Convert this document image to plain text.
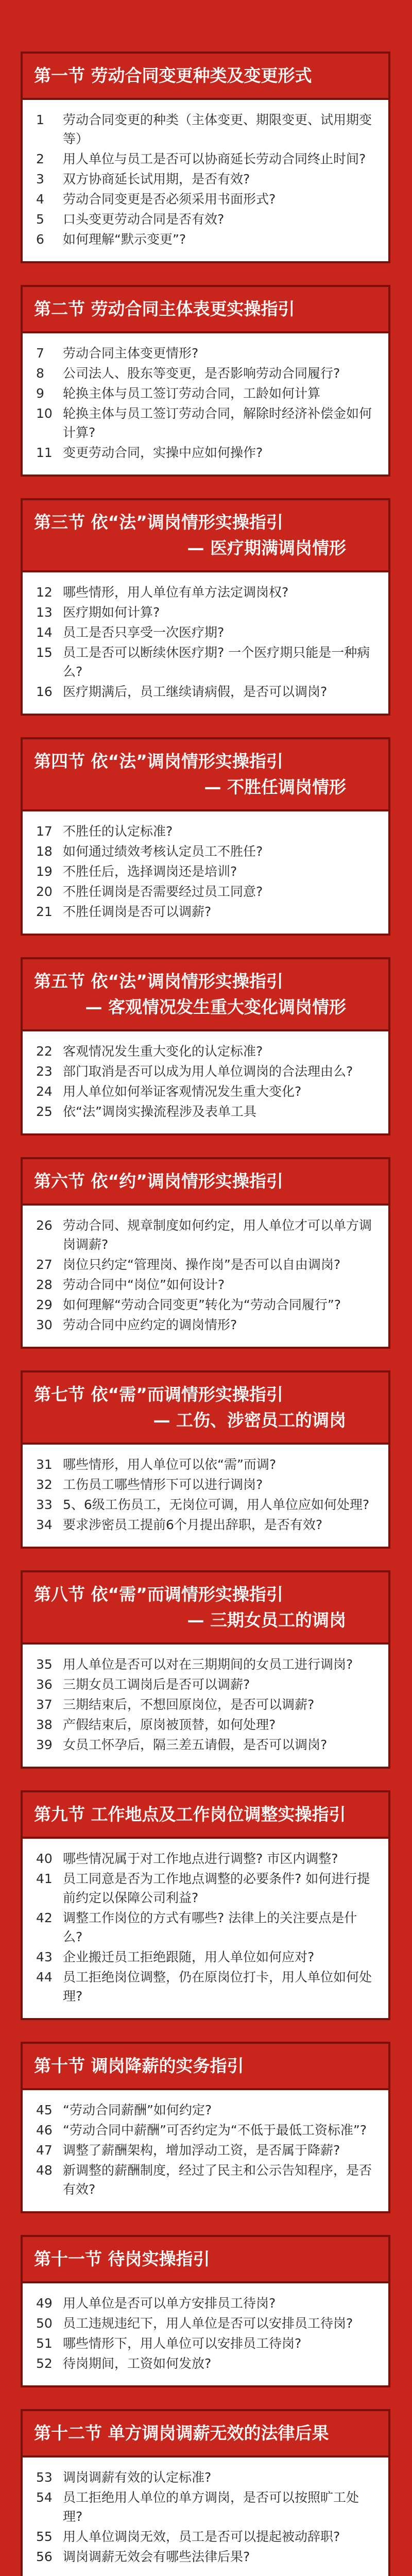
第一节 劳动合同变更种类及变更形式
1	劳动合同变更的种类（主体变更、期限变更、试用期变等）
2	用人单位与员工是否可以协商延长劳动合同终止时间?
3	双方协商延长试用期，是否有效?
4	劳动合同变更是否必须采用书面形式?
5	口头变更劳动合同是否有效?
6	如何理解“默示变更”?
第二节 劳动合同主体表更实操指引
7	劳动合同主体变更情形?
8	公司法人、股东等变更，是否影响劳动合同履行?
9	轮换主体与员工签订劳动合同，工龄如何计算
10 轮换主体与员工签订劳动合同，解除时经济补偿金如何计算?
11 变更劳动合同，实操中应如何操作?
第三节 依“法”调岗情形实操指引
— 医疗期满调岗情形
12 哪些情形，用人单位有单方法定调岗权?
13 医疗期如何计算?
14 员工是否只享受一次医疗期?
15 员工是否可以断续休医疗期? 一个医疗期只能是一种病么?
16 医疗期满后，员工继续请病假，是否可以调岗?
第四节 依“法”调岗情形实操指引
— 不胜任调岗情形
17 不胜任的认定标准?
18 如何通过绩效考核认定员工不胜任?
19 不胜任后，选择调岗还是培训?
20 不胜任调岗是否需要经过员工同意?
21 不胜任调岗是否可以调薪?
第五节 依“法”调岗情形实操指引
— 客观情况发生重大变化调岗情形
22 客观情况发生重大变化的认定标准?
23 部门取消是否可以成为用人单位调岗的合法理由么?
24 用人单位如何举证客观情况发生重大变化?
25 依“法”调岗实操流程涉及表单工具
第六节 依“约”调岗情形实操指引
26 劳动合同、规章制度如何约定，用人单位才可以单方调岗调薪?
27 岗位只约定“管理岗、操作岗”是否可以自由调岗?
28 劳动合同中“岗位”如何设计?
29 如何理解“劳动合同变更”转化为“劳动合同履行”?
30 劳动合同中应约定的调岗情形?
第七节 依“需”而调情形实操指引
— 工伤、涉密员工的调岗
31 哪些情形，用人单位可以依“需”而调?
32 工伤员工哪些情形下可以进行调岗?
33 5、6级工伤员工，无岗位可调，用人单位应如何处理?
34 要求涉密员工提前6个月提出辞职，是否有效?
第八节 依“需”而调情形实操指引
— 三期女员工的调岗
35 用人单位是否可以对在三期期间的女员工进行调岗?
36 三期女员工调岗后是否可以调薪?
37 三期结束后，不想回原岗位，是否可以调薪?
38 产假结束后，原岗被顶替，如何处理?
39 女员工怀孕后，隔三差五请假，是否可以调岗?
第九节 工作地点及工作岗位调整实操指引
40 哪些情况属于对工作地点进行调整? 市区内调整?
41 员工同意是否为工作地点调整的必要条件? 如何进行提前约定以保障公司利益?
42 调整工作岗位的方式有哪些? 法律上的关注要点是什么?
43 企业搬迁员工拒绝跟随，用人单位如何应对?
44 员工拒绝岗位调整，仍在原岗位打卡，用人单位如何处理?
第十节 调岗降薪的实务指引
45 “劳动合同薪酬”如何约定?
46 “劳动合同中薪酬”可否约定为“不低于最低工资标准”?
47 调整了薪酬架构，增加浮动工资，是否属于降薪?
48 新调整的薪酬制度，经过了民主和公示告知程序，是否有效?
第十一节 待岗实操指引
49 用人单位是否可以单方安排员工待岗?
50 员工违规违纪下，用人单位是否可以安排员工待岗?
51 哪些情形下，用人单位可以安排员工待岗?
52 待岗期间，工资如何发放?
第十二节 单方调岗调薪无效的法律后果
53 调岗调薪有效的认定标准?
54 员工拒绝用人单位的单方调岗，是否可以按照旷工处理?
55 用人单位调岗无效，员工是否可以提起被动辞职?
56 调岗调薪无效会有哪些法律后果?
